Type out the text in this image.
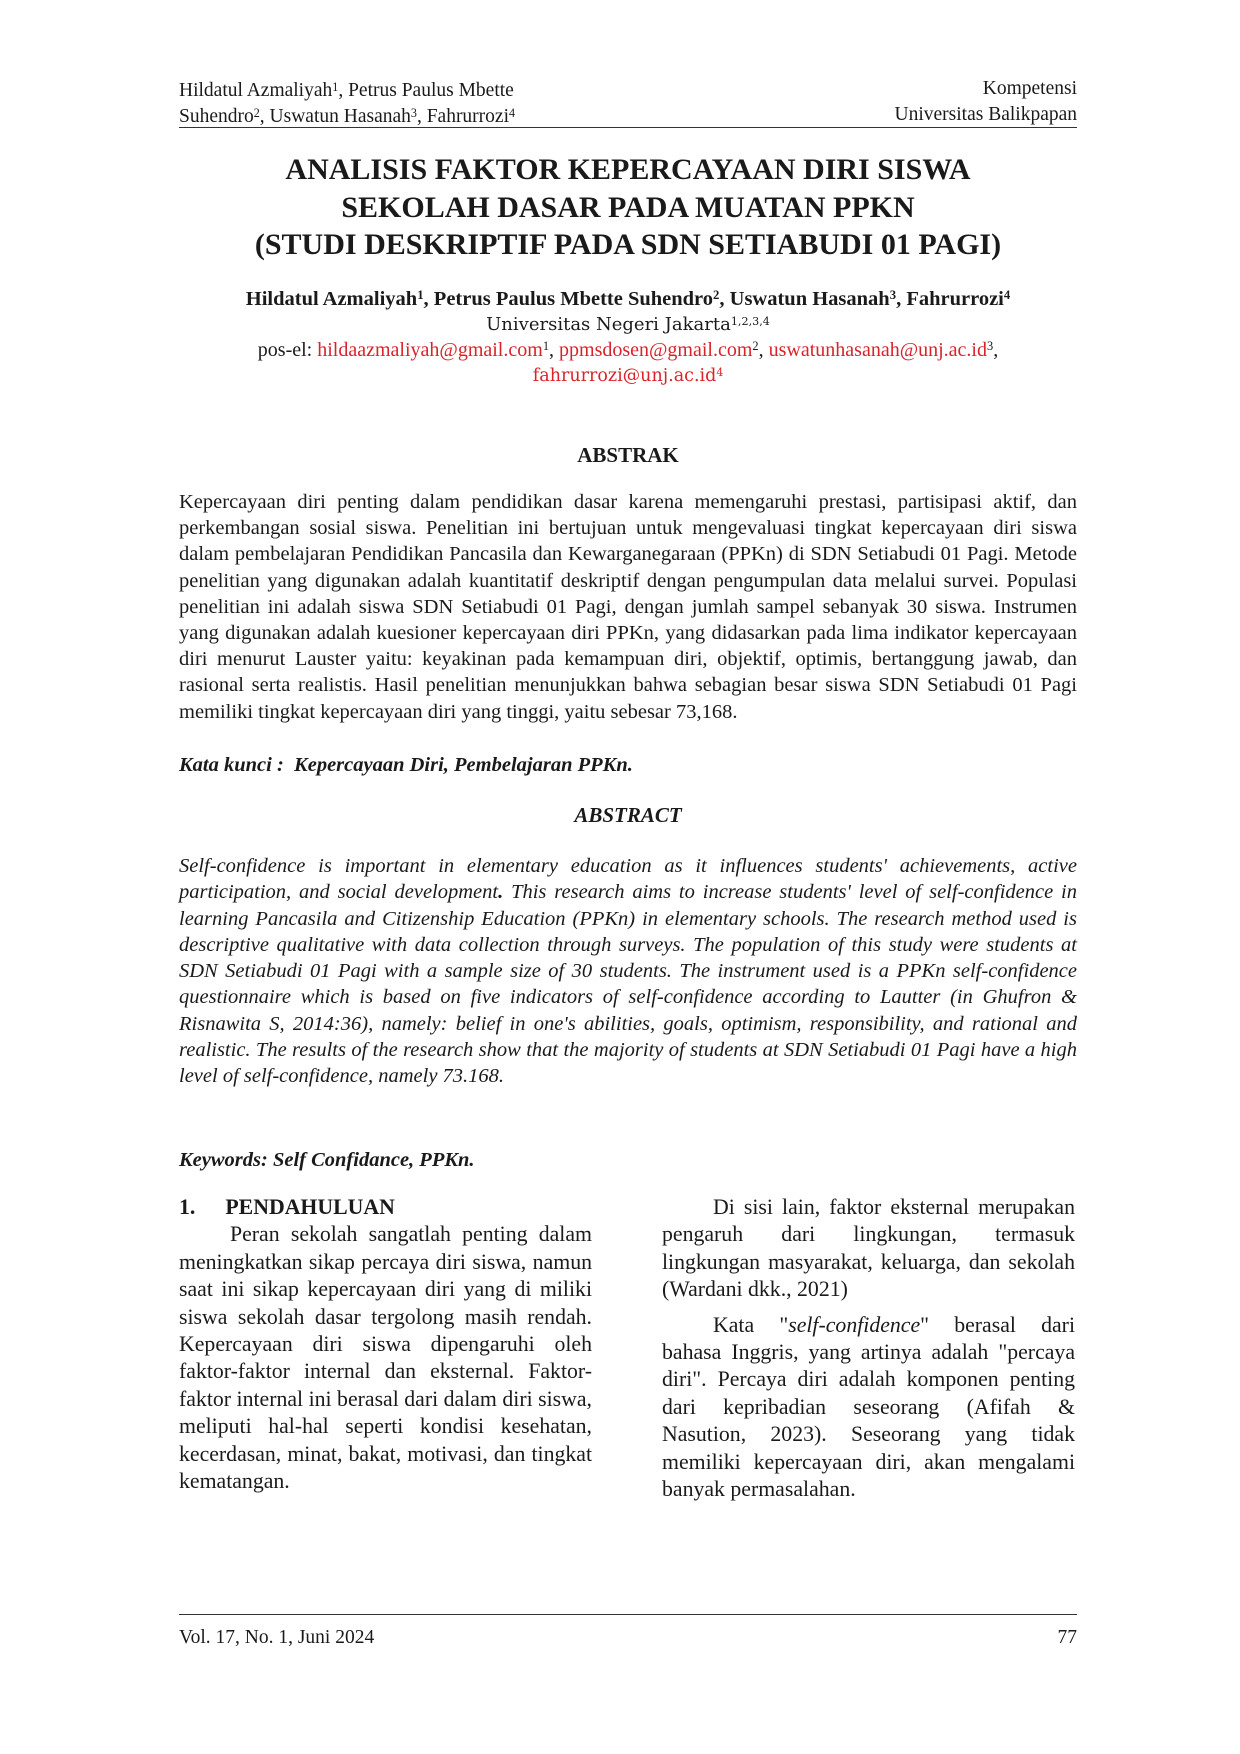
Hildatul Azmaliyah$^1$, Petrus Paulus Mbette
Suhendro$^2$, Uswatun Hasanah$^3$, Fahrurrozi$^4$
Kompetensi
Universitas Balikpapan
ANALISIS FAKTOR KEPERCAYAAN DIRI SISWA
SEKOLAH DASAR PADA MUATAN PPKN
(STUDI DESKRIPTIF PADA SDN SETIABUDI 01 PAGI)
Hildatul Azmaliyah$^1$, Petrus Paulus Mbette Suhendro$^2$, Uswatun Hasanah$^3$, Fahrurrozi$^4$
Universitas Negeri Jakarta$^{1,2,3,4}$
pos-el: hildaazmaliyah@gmail.com$^1$, ppmsdosen@gmail.com$^2$, $uswatunhasanah@unj.ac.id^3$,
$fahrurrozi@unj.ac.id^4$
ABSTRAK
Kepercayaan diri penting dalam pendidikan dasar karena memengaruhi prestasi, partisipasi aktif, dan perkembangan sosial siswa. Penelitian ini bertujuan untuk mengevaluasi tingkat kepercayaan diri siswa dalam pembelajaran Pendidikan Pancasila dan Kewarganegaraan (PPKn) di SDN Setiabudi 01 Pagi. Metode penelitian yang digunakan adalah kuantitatif deskriptif dengan pengumpulan data melalui survei. Populasi penelitian ini adalah siswa SDN Setiabudi 01 Pagi, dengan jumlah sampel sebanyak 30 siswa. Instrumen yang digunakan adalah kuesioner kepercayaan diri PPKn, yang didasarkan pada lima indikator kepercayaan diri menurut Lauster yaitu: keyakinan pada kemampuan diri, objektif, optimis, bertanggung jawab, dan rasional serta realistis. Hasil penelitian menunjukkan bahwa sebagian besar siswa SDN Setiabudi 01 Pagi memiliki tingkat kepercayaan diri yang tinggi, yaitu sebesar 73,168.
Kata kunci :  Kepercayaan Diri, Pembelajaran PPKn.
ABSTRACT
Self-confidence is important in elementary education as it influences students' achievements, active participation, and social development. This research aims to increase students' level of self-confidence in learning Pancasila and Citizenship Education (PPKn) in elementary schools. The research method used is descriptive qualitative with data collection through surveys. The population of this study were students at SDN Setiabudi 01 Pagi with a sample size of 30 students. The instrument used is a PPKn self-confidence questionnaire which is based on five indicators of self-confidence according to Lautter (in Ghufron & Risnawita S, 2014:36), namely: belief in one's abilities, goals, optimism, responsibility, and rational and realistic. The results of the research show that the majority of students at SDN Setiabudi 01 Pagi have a high level of self-confidence, namely 73.168.
Keywords: Self Confidance, PPKn.

1. PENDAHULUAN

Peran sekolah sangatlah penting dalam meningkatkan sikap percaya diri siswa, namun saat ini sikap kepercayaan diri yang di miliki siswa sekolah dasar tergolong masih rendah. Kepercayaan diri siswa dipengaruhi oleh faktor-faktor internal dan eksternal. Faktor-faktor internal ini berasal dari dalam diri siswa, meliputi hal-hal seperti kondisi kesehatan, kecerdasan, minat, bakat, motivasi, dan tingkat kematangan.

Di sisi lain, faktor eksternal merupakan pengaruh dari lingkungan, termasuk lingkungan masyarakat, keluarga, dan sekolah (Wardani dkk., 2021)

Kata "self-confidence" berasal dari bahasa Inggris, yang artinya adalah "percaya diri". Percaya diri adalah komponen penting dari kepribadian seseorang (Afifah & Nasution, 2023). Seseorang yang tidak memiliki kepercayaan diri, akan mengalami banyak permasalahan.

Vol. 17, No. 1, Juni 2024	77
